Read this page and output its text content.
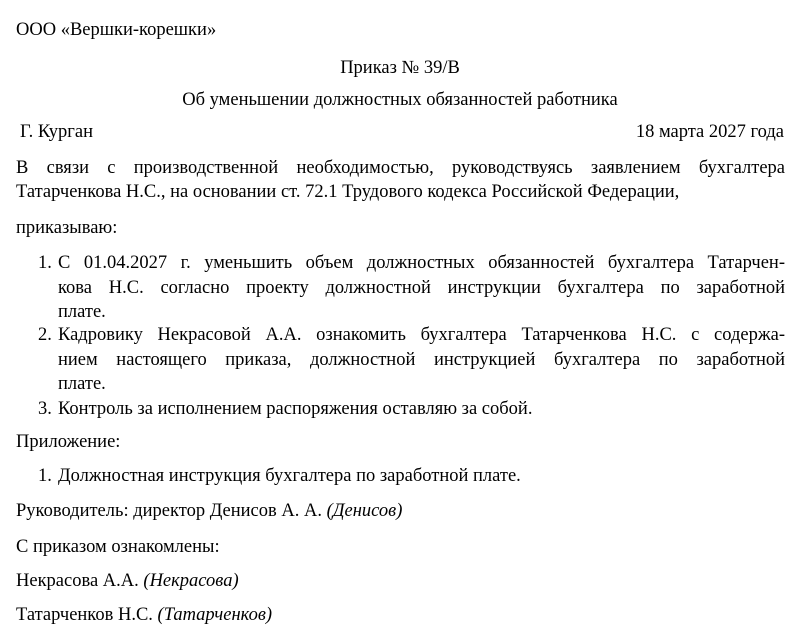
ООО «Вершки-корешки»
Приказ № 39/В
Об уменьшении должностных обязанностей работника
Г. Курган	18 марта 2027 года
В связи с производственной необходимостью, руководствуясь заявлением бухгалтера
Татарченкова Н.С., на основании ст. 72.1 Трудового кодекса Российской Федерации,
приказываю:
1. С 01.04.2027 г. уменьшить объем должностных обязанностей бухгалтера Татарчен-
кова Н.С. согласно проекту должностной инструкции бухгалтера по заработной
плате.
2. Кадровику Некрасовой А.А. ознакомить бухгалтера Татарченкова Н.С. с содержа-
нием настоящего приказа, должностной инструкцией бухгалтера по заработной
плате.
3. Контроль за исполнением распоряжения оставляю за собой.
Приложение:
1. Должностная инструкция бухгалтера по заработной плате.
Руководитель: директор Денисов А. А. (Денисов)
С приказом ознакомлены:
Некрасова А.А. (Некрасова)
Татарченков Н.С. (Татарченков)
